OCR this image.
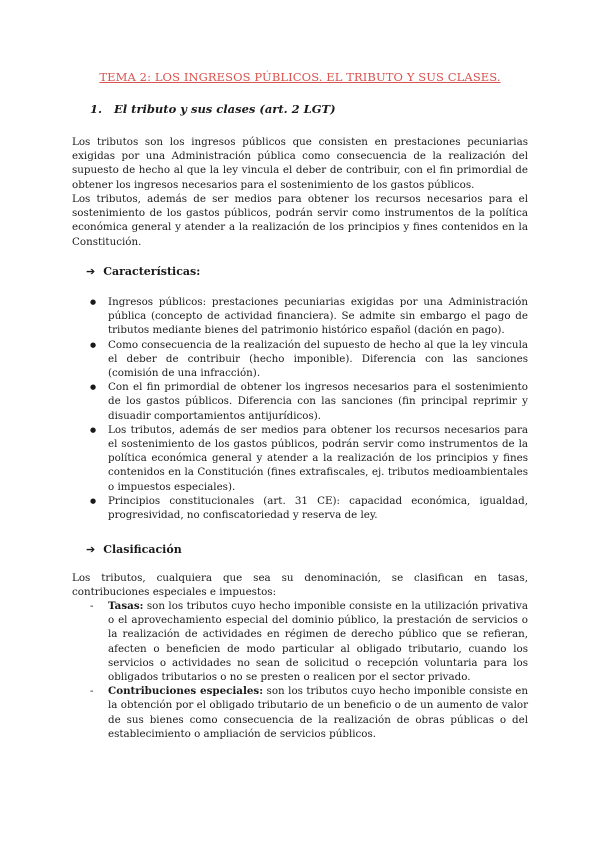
TEMA 2: LOS INGRESOS PÚBLICOS. EL TRIBUTO Y SUS CLASES.
1. El tributo y sus clases (art. 2 LGT)

Los tributos son los ingresos públicos que consisten en prestaciones pecuniarias exigidas por una Administración pública como consecuencia de la realización del supuesto de hecho al que la ley vincula el deber de contribuir, con el fin primordial de obtener los ingresos necesarios para el sostenimiento de los gastos públicos.

Los tributos, además de ser medios para obtener los recursos necesarios para el sostenimiento de los gastos públicos, podrán servir como instrumentos de la política económica general y atender a la realización de los principios y fines contenidos en la Constitución.

➔ Características:
● Ingresos públicos: prestaciones pecuniarias exigidas por una Administración pública (concepto de actividad financiera). Se admite sin embargo el pago de tributos mediante bienes del patrimonio histórico español (dación en pago).
● Como consecuencia de la realización del supuesto de hecho al que la ley vincula el deber de contribuir (hecho imponible). Diferencia con las sanciones (comisión de una infracción).
● Con el fin primordial de obtener los ingresos necesarios para el sostenimiento de los gastos públicos. Diferencia con las sanciones (fin principal reprimir y disuadir comportamientos antijurídicos).
● Los tributos, además de ser medios para obtener los recursos necesarios para el sostenimiento de los gastos públicos, podrán servir como instrumentos de la política económica general y atender a la realización de los principios y fines contenidos en la Constitución (fines extrafiscales, ej. tributos medioambientales o impuestos especiales).
● Principios constitucionales (art. 31 CE): capacidad económica, igualdad, progresividad, no confiscatoriedad y reserva de ley.
➔ Clasificación

Los tributos, cualquiera que sea su denominación, se clasifican en tasas, contribuciones especiales e impuestos:

- Tasas: son los tributos cuyo hecho imponible consiste en la utilización privativa o el aprovechamiento especial del dominio público, la prestación de servicios o la realización de actividades en régimen de derecho público que se refieran, afecten o beneficien de modo particular al obligado tributario, cuando los servicios o actividades no sean de solicitud o recepción voluntaria para los obligados tributarios o no se presten o realicen por el sector privado.
- Contribuciones especiales: son los tributos cuyo hecho imponible consiste en la obtención por el obligado tributario de un beneficio o de un aumento de valor de sus bienes como consecuencia de la realización de obras públicas o del establecimiento o ampliación de servicios públicos.
